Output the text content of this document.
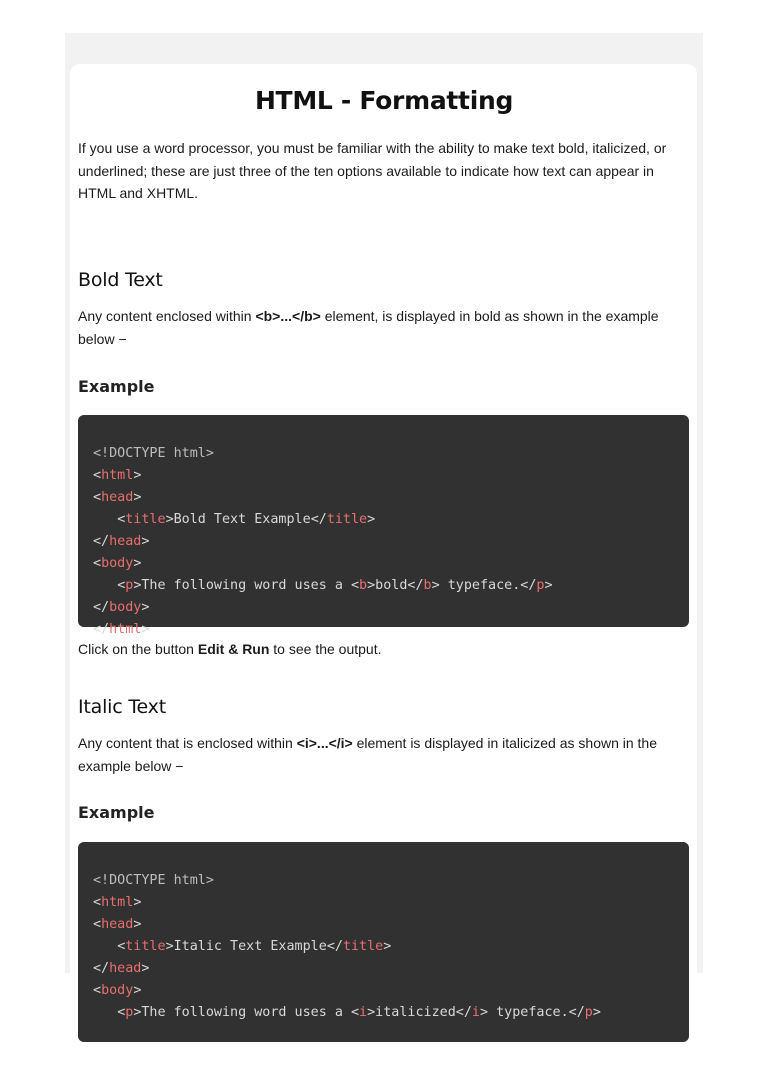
HTML - Formatting

If you use a word processor, you must be familiar with the ability to make text bold, italicized, or underlined; these are just three of the ten options available to indicate how text can appear in HTML and XHTML.

Bold Text

Any content enclosed within <b>...</b> element, is displayed in bold as shown in the example below −

Example

<!DOCTYPE html>
<html>
<head>
<title>Bold Text Example</title>
</head>
<body>
<p>The following word uses a <b>bold</b> typeface.</p>
</body>
</html>

Click on the button Edit & Run to see the output.

Italic Text

Any content that is enclosed within <i>...</i> element is displayed in italicized as shown in the example below −

Example

<!DOCTYPE html>
<html>
<head>
<title>Italic Text Example</title>
</head>
<body>
<p>The following word uses a <i>italicized</i> typeface.</p>
